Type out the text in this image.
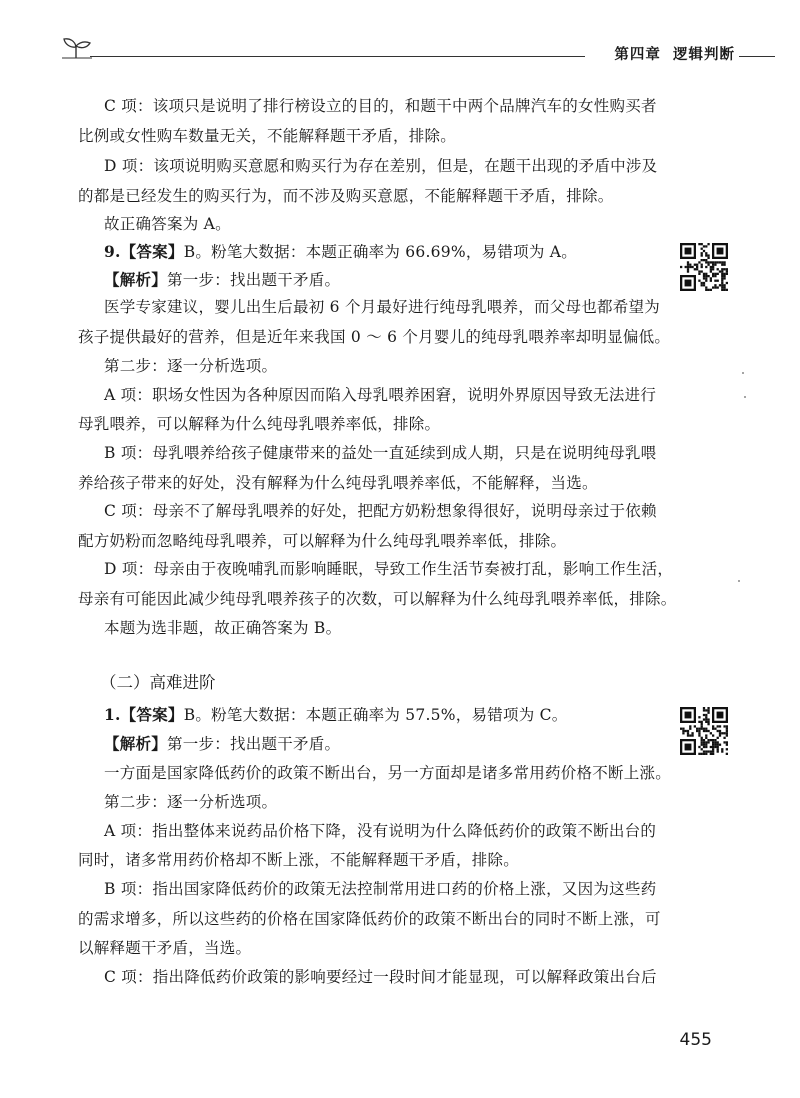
第四章 逻辑判断
C 项：该项只是说明了排行榜设立的目的，和题干中两个品牌汽车的女性购买者
比例或女性购车数量无关，不能解释题干矛盾，排除。
D 项：该项说明购买意愿和购买行为存在差别，但是，在题干出现的矛盾中涉及
的都是已经发生的购买行为，而不涉及购买意愿，不能解释题干矛盾，排除。
故正确答案为 A。
9.【答案】B。粉笔大数据：本题正确率为 66.69%，易错项为 A。
【解析】第一步：找出题干矛盾。
医学专家建议，婴儿出生后最初 6 个月最好进行纯母乳喂养，而父母也都希望为
孩子提供最好的营养，但是近年来我国 0 ～ 6 个月婴儿的纯母乳喂养率却明显偏低。
第二步：逐一分析选项。
A 项：职场女性因为各种原因而陷入母乳喂养困窘，说明外界原因导致无法进行
母乳喂养，可以解释为什么纯母乳喂养率低，排除。
B 项：母乳喂养给孩子健康带来的益处一直延续到成人期，只是在说明纯母乳喂
养给孩子带来的好处，没有解释为什么纯母乳喂养率低，不能解释，当选。
C 项：母亲不了解母乳喂养的好处，把配方奶粉想象得很好，说明母亲过于依赖
配方奶粉而忽略纯母乳喂养，可以解释为什么纯母乳喂养率低，排除。
D 项：母亲由于夜晚哺乳而影响睡眠，导致工作生活节奏被打乱，影响工作生活，
母亲有可能因此减少纯母乳喂养孩子的次数，可以解释为什么纯母乳喂养率低，排除。
本题为选非题，故正确答案为 B。
（二）高难进阶
1.【答案】B。粉笔大数据：本题正确率为 57.5%，易错项为 C。
【解析】第一步：找出题干矛盾。
一方面是国家降低药价的政策不断出台，另一方面却是诸多常用药价格不断上涨。
第二步：逐一分析选项。
A 项：指出整体来说药品价格下降，没有说明为什么降低药价的政策不断出台的
同时，诸多常用药价格却不断上涨，不能解释题干矛盾，排除。
B 项：指出国家降低药价的政策无法控制常用进口药的价格上涨，又因为这些药
的需求增多，所以这些药的价格在国家降低药价的政策不断出台的同时不断上涨，可
以解释题干矛盾，当选。
C 项：指出降低药价政策的影响要经过一段时间才能显现，可以解释政策出台后
455
